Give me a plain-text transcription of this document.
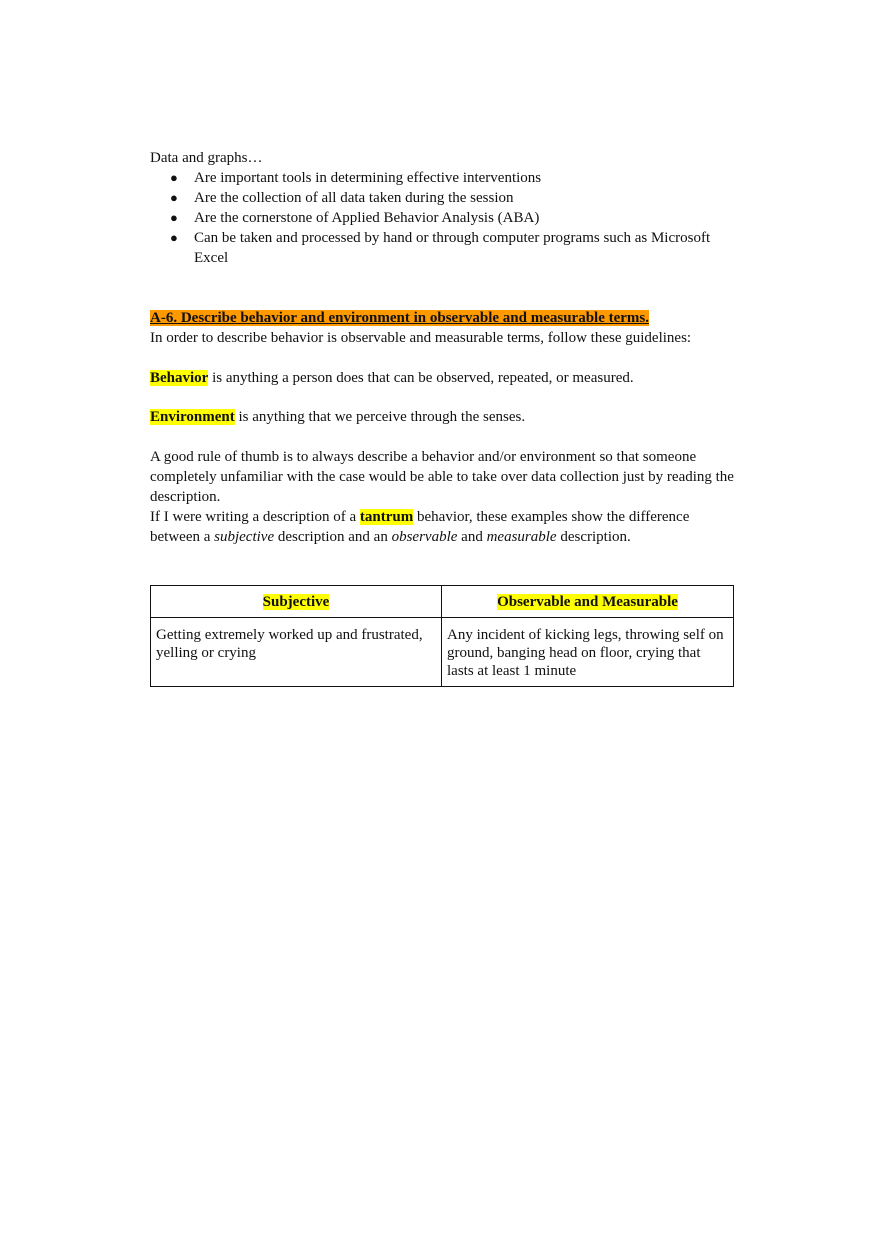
Data and graphs…

● Are important tools in determining effective interventions
● Are the collection of all data taken during the session
● Are the cornerstone of Applied Behavior Analysis (ABA)
● Can be taken and processed by hand or through computer programs such as Microsoft Excel
A-6. Describe behavior and environment in observable and measurable terms.

In order to describe behavior is observable and measurable terms, follow these guidelines:

Behavior is anything a person does that can be observed, repeated, or measured.

Environment is anything that we perceive through the senses.

A good rule of thumb is to always describe a behavior and/or environment so that someone completely unfamiliar with the case would be able to take over data collection just by reading the description.

If I were writing a description of a tantrum behavior, these examples show the difference between a subjective description and an observable and measurable description.

Subjective	Observable and Measurable
Getting extremely worked up and frustrated, yelling or crying	Any incident of kicking legs, throwing self on ground, banging head on floor, crying that lasts at least 1 minute
